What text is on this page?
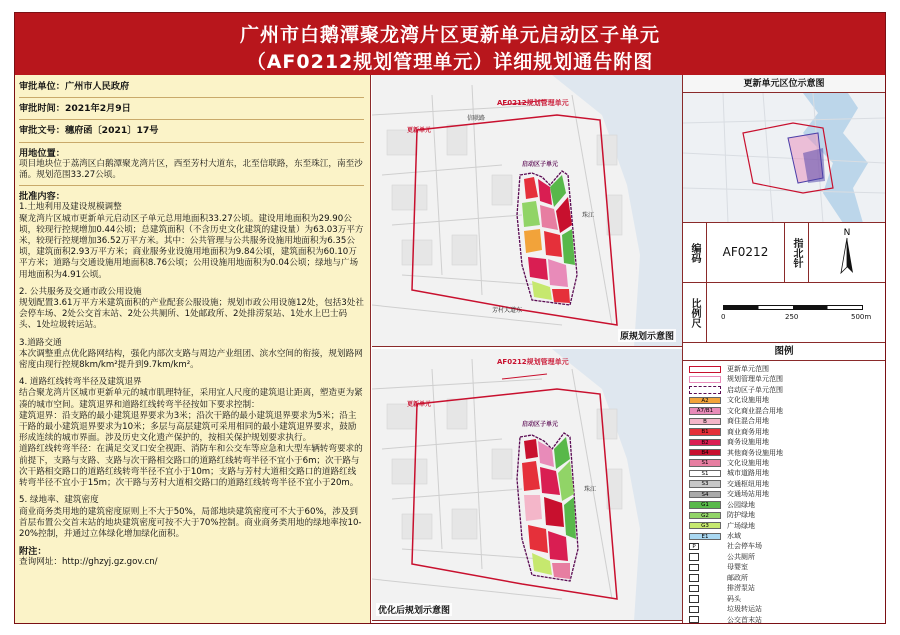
广州市白鹅潭聚龙湾片区更新单元启动区子单元
（AF0212规划管理单元）详细规划通告附图

审批单位：广州市人民政府

审批时间：2021年2月9日

审批文号：穗府函〔2021〕17号

用地位置：

项目地块位于荔湾区白鹅潭聚龙湾片区，西至芳村大道东，北至信联路，东至珠江，南至沙涌。规划范围33.27公顷。

批准内容：

1.土地利用及建设规模调整

聚龙湾片区城市更新单元启动区子单元总用地面积33.27公顷。建设用地面积为29.90公顷，较现行控规增加0.44公顷；总建筑面积（不含历史文化建筑的建设量）为63.03万平方米，较现行控规增加36.52万平方米。其中：公共管理与公共服务设施用地面积为6.35公顷，建筑面积2.93万平方米；商业服务业设施用地面积为9.84公顷，建筑面积为60.10万平方米；道路与交通设施用地面积8.76公顷；公用设施用地面积为0.04公顷；绿地与广场用地面积为4.91公顷。

2. 公共服务及交通市政公用设施

规划配置3.61万平方米建筑面积的产业配套公服设施；规划市政公用设施12处，包括3处社会停车场、2处公交首末站、2处公共厕所、1处邮政所、2处排涝泵站、1处水上巴士码头、1处垃圾转运站。

3.道路交通

本次调整重点优化路网结构，强化内部次支路与周边产业组团、滨水空间的衔接，规划路网密度由现行控规8km/km²提升到9.7km/km²。

4. 道路红线转弯半径及建筑退界

结合聚龙湾片区城市更新单元的城市肌理特征，采用宜人尺度的建筑退让距离，塑造更为紧凑的城市空间。建筑退界和道路红线转弯半径按如下要求控制：

建筑退界：沿支路的最小建筑退界要求为3米；沿次干路的最小建筑退界要求为5米；沿主干路的最小建筑退界要求为10米；多层与高层建筑可采用相同的最小建筑退界要求，鼓励形成连续的城市界面。涉及历史文化遗产保护的，按相关保护规划要求执行。

道路红线转弯半径：在满足交叉口安全视距、消防车和公交车等应急和大型车辆转弯要求的前提下，支路与支路、支路与次干路相交路口的道路红线转弯半径不宜小于6m；次干路与次干路相交路口的道路红线转弯半径不宜小于10m；支路与芳村大道相交路口的道路红线转弯半径不宜小于15m；次干路与芳村大道相交路口的道路红线转弯半径不宜小于20m。

5. 绿地率、建筑密度

商业商务类用地的建筑密度原则上不大于50%，局部地块建筑密度可不大于60%，涉及到首层布置公交首末站的地块建筑密度可按不大于70%控制。商业商务类用地的绿地率按10-20%控制，并通过立体绿化增加绿化面积。

附注：

查询网址：http://ghzyj.gz.gov.cn/

AF0212规划管理单元
更新单元
启动区子单元
珠江
信联路
芳村大道东
原规划示意图
AF0212规划管理单元
更新单元
启动区子单元
珠江
优化后规划示意图
更新单元区位示意图
编码	AF0212	指北针
N
比例尺	0	250	500m
图例
更新单元范围
规划管理单元范围
启动区子单元范围
A2	文化设施用地
A7/B1	文化商业混合用地
B	商住混合用地
B1	商业商务用地
B2	商务设施用地
B4	其他商务设施用地
S1	文化设施用地
S1	城市道路用地
S3	交通枢纽用地
S4	交通场站用地
G1	公园绿地
G2	防护绿地
G3	广场绿地
E1	水域
P	社会停车场
公共厕所
母婴室
邮政所
排涝泵站
码头
垃圾转运站
公交首末站
